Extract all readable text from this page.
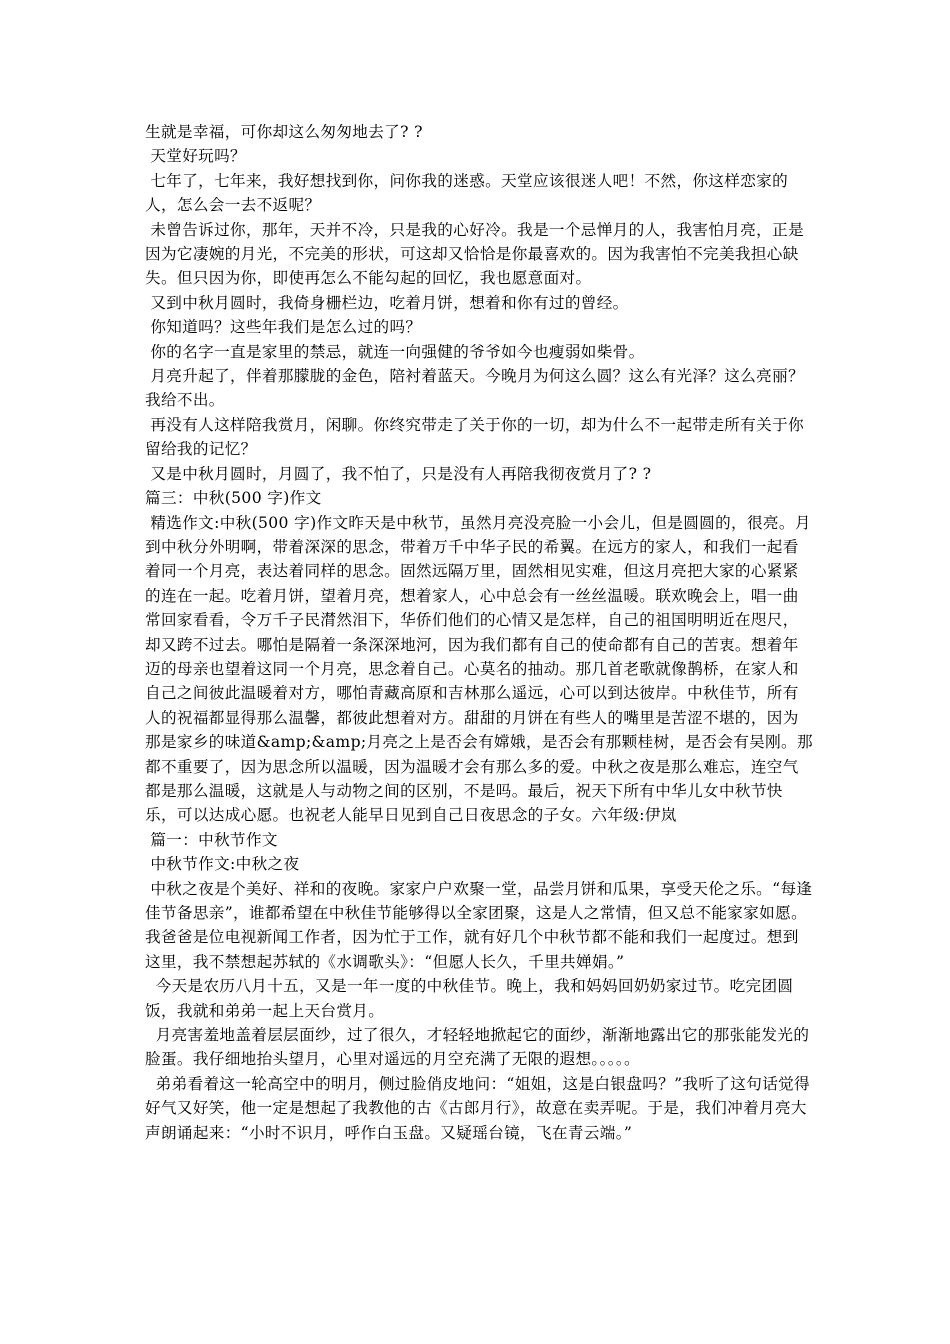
生就是幸福，可你却这么匆匆地去了? ?

天堂好玩吗？

七年了，七年来，我好想找到你，问你我的迷惑。天堂应该很迷人吧！不然，你这样恋家的人，怎么会一去不返呢？

未曾告诉过你，那年，天并不冷，只是我的心好冷。我是一个忌惮月的人，我害怕月亮，正是因为它凄婉的月光，不完美的形状，可这却又恰恰是你最喜欢的。因为我害怕不完美我担心缺失。但只因为你，即使再怎么不能勾起的回忆，我也愿意面对。

又到中秋月圆时，我倚身栅栏边，吃着月饼，想着和你有过的曾经。

你知道吗？这些年我们是怎么过的吗？

你的名字一直是家里的禁忌，就连一向强健的爷爷如今也瘦弱如柴骨。

月亮升起了，伴着那朦胧的金色，陪衬着蓝天。今晚月为何这么圆？这么有光泽？这么亮丽？我给不出。

再没有人这样陪我赏月，闲聊。你终究带走了关于你的一切，却为什么不一起带走所有关于你留给我的记忆？

又是中秋月圆时，月圆了，我不怕了，只是没有人再陪我彻夜赏月了? ?

篇三：中秋(500 字)作文

精选作文:中秋(500 字)作文昨天是中秋节，虽然月亮没亮脸一小会儿，但是圆圆的，很亮。月到中秋分外明啊，带着深深的思念，带着万千中华子民的希翼。在远方的家人，和我们一起看着同一个月亮，表达着同样的思念。固然远隔万里，固然相见实难，但这月亮把大家的心紧紧的连在一起。吃着月饼，望着月亮，想着家人，心中总会有一丝丝温暖。联欢晚会上，唱一曲常回家看看，令万千子民潸然泪下，华侨们他们的心情又是怎样，自己的祖国明明近在咫尺，却又跨不过去。哪怕是隔着一条深深地河，因为我们都有自己的使命都有自己的苦衷。想着年迈的母亲也望着这同一个月亮，思念着自己。心莫名的抽动。那几首老歌就像鹊桥，在家人和自己之间彼此温暖着对方，哪怕青藏高原和吉林那么遥远，心可以到达彼岸。中秋佳节，所有人的祝福都显得那么温馨，都彼此想着对方。甜甜的月饼在有些人的嘴里是苦涩不堪的，因为那是家乡的味道&amp;&amp;月亮之上是否会有嫦娥，是否会有那颗桂树，是否会有吴刚。那都不重要了，因为思念所以温暖，因为温暖才会有那么多的爱。中秋之夜是那么难忘，连空气都是那么温暖，这就是人与动物之间的区别，不是吗。最后，祝天下所有中华儿女中秋节快乐，可以达成心愿。也祝老人能早日见到自己日夜思念的子女。六年级:伊岚

篇一：中秋节作文

中秋节作文:中秋之夜

中秋之夜是个美好、祥和的夜晚。家家户户欢聚一堂，品尝月饼和瓜果，享受天伦之乐。“每逢佳节备思亲”，谁都希望在中秋佳节能够得以全家团聚，这是人之常情，但又总不能家家如愿。我爸爸是位电视新闻工作者，因为忙于工作，就有好几个中秋节都不能和我们一起度过。想到这里，我不禁想起苏轼的《水调歌头》：“但愿人长久，千里共婵娟。”

今天是农历八月十五，又是一年一度的中秋佳节。晚上，我和妈妈回奶奶家过节。吃完团圆饭，我就和弟弟一起上天台赏月。

月亮害羞地盖着层层面纱，过了很久，才轻轻地掀起它的面纱，渐渐地露出它的那张能发光的脸蛋。我仔细地抬头望月，心里对遥远的月空充满了无限的遐想。。。。。

弟弟看着这一轮高空中的明月，侧过脸俏皮地问：“姐姐，这是白银盘吗？”我听了这句话觉得好气又好笑，他一定是想起了我教他的古《古郎月行》，故意在卖弄呢。于是，我们冲着月亮大声朗诵起来：“小时不识月，呼作白玉盘。又疑瑶台镜，飞在青云端。”
